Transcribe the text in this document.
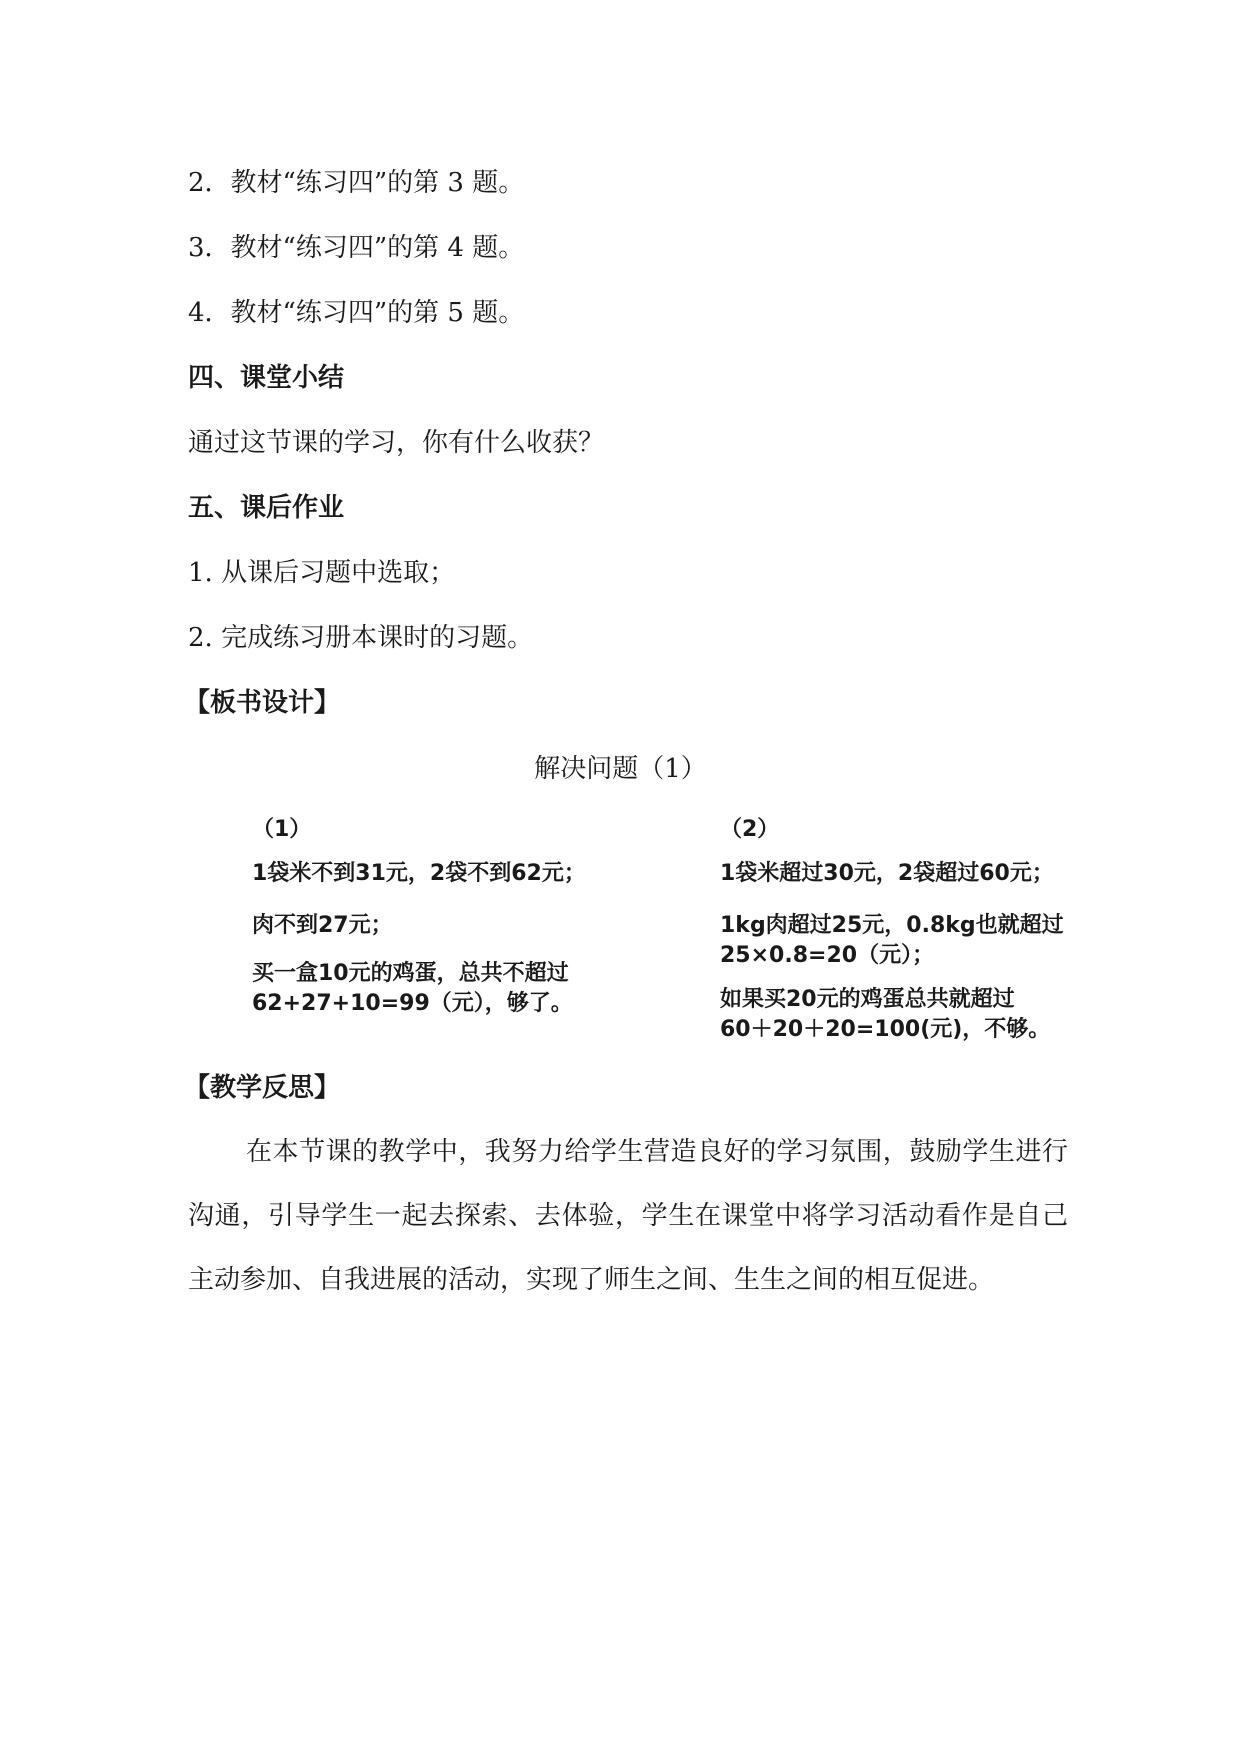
2．教材“练习四”的第 3 题。
3．教材“练习四”的第 4 题。
4．教材“练习四”的第 5 题。
四、课堂小结
通过这节课的学习，你有什么收获？
五、课后作业
1. 从课后习题中选取；
2. 完成练习册本课时的习题。
【板书设计】
解决问题（1）
（1）
1袋米不到31元，2袋不到62元；
肉不到27元；
买一盒10元的鸡蛋，总共不超过
62+27+10=99（元），够了。
（2）
1袋米超过30元，2袋超过60元；
1kg肉超过25元，0.8kg也就超过
25×0.8=20（元）；
如果买20元的鸡蛋总共就超过
60＋20＋20=100(元)，不够。
【教学反思】
在本节课的教学中，我努力给学生营造良好的学习氛围，鼓励学生进行沟通，引导学生一起去探索、去体验，学生在课堂中将学习活动看作是自己主动参加、自我进展的活动，实现了师生之间、生生之间的相互促进。
